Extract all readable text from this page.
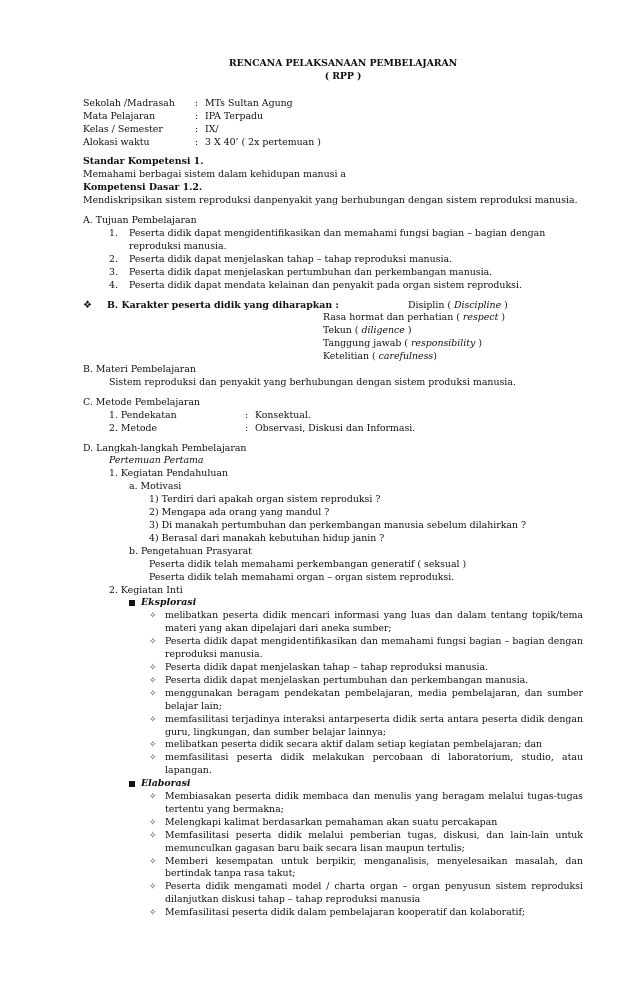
RENCANA PELAKSANAAN PEMBELAJARAN
( RPP )
Sekolah /Madrasah	: MTs Sultan Agung
Mata Pelajaran	: IPA Terpadu
Kelas / Semester	: IX/
Alokasi waktu	: 3 X 40’ ( 2x pertemuan )
Standar Kompetensi 1.
Memahami berbagai sistem dalam kehidupan manusi a
Kompetensi Dasar 1.2.
Mendiskripsikan sistem reproduksi danpenyakit yang berhubungan dengan sistem reproduksi manusia.
A. Tujuan Pembelajaran
1.	Peserta didik dapat mengidentifikasikan dan memahami fungsi bagian – bagian dengan reproduksi manusia.
2.	Peserta didik dapat menjelaskan tahap – tahap reproduksi manusia.
3.	Peserta didik dapat menjelaskan pertumbuhan dan perkembangan manusia.
4.	Peserta didik dapat mendata kelainan dan penyakit pada organ sistem reproduksi.
❖	B. Karakter peserta didik yang diharapkan :	Disiplin ( Discipline )
Rasa hormat dan perhatian ( respect )
Tekun ( diligence )
Tanggung jawab ( responsibility )
Ketelitian ( carefulness)
B. Materi Pembelajaran
Sistem reproduksi dan penyakit yang berhubungan dengan sistem produksi manusia.
C. Metode Pembelajaran
1. Pendekatan	: Konsektual.
2. Metode	: Observasi, Diskusi dan Informasi.
D. Langkah-langkah Pembelajaran
Pertemuan Pertama
1. Kegiatan Pendahuluan
a. Motivasi
1) Terdiri dari apakah organ sistem reproduksi ?
2) Mengapa ada orang yang mandul ?
3) Di manakah pertumbuhan dan perkembangan manusia sebelum dilahirkan ?
4) Berasal dari manakah kebutuhan hidup janin ?
b. Pengetahuan Prasyarat
Peserta didik telah memahami perkembangan generatif ( seksual )
Peserta didik telah memahami organ – organ sistem reproduksi.
2. Kegiatan Inti
Eksplorasi
✧ melibatkan peserta didik mencari informasi yang luas dan dalam tentang topik/tema materi yang akan dipelajari dari aneka sumber;
✧ Peserta didik dapat mengidentifikasikan dan memahami fungsi bagian – bagian dengan reproduksi manusia.
✧ Peserta didik dapat menjelaskan tahap – tahap reproduksi manusia.
✧ Peserta didik dapat menjelaskan pertumbuhan dan perkembangan manusia.
✧ menggunakan beragam pendekatan pembelajaran, media pembelajaran, dan sumber belajar lain;
✧ memfasilitasi terjadinya interaksi antarpeserta didik serta antara peserta didik dengan guru, lingkungan, dan sumber belajar lainnya;
✧ melibatkan peserta didik secara aktif dalam setiap kegiatan pembelajaran; dan
✧ memfasilitasi peserta didik melakukan percobaan di laboratorium, studio, atau lapangan.
Elaborasi
✧ Membiasakan peserta didik membaca dan menulis yang beragam melalui tugas-tugas tertentu yang bermakna;
✧ Melengkapi kalimat berdasarkan pemahaman akan suatu percakapan
✧ Memfasilitasi peserta didik melalui pemberian tugas, diskusi, dan lain-lain untuk memunculkan gagasan baru baik secara lisan maupun tertulis;
✧ Memberi kesempatan untuk berpikir, menganalisis, menyelesaikan masalah, dan bertindak tanpa rasa takut;
✧ Peserta didik mengamati model / charta organ – organ penyusun sistem reproduksi dilanjutkan diskusi tahap – tahap reproduksi manusia
✧ Memfasilitasi peserta didik dalam pembelajaran kooperatif dan kolaboratif;
